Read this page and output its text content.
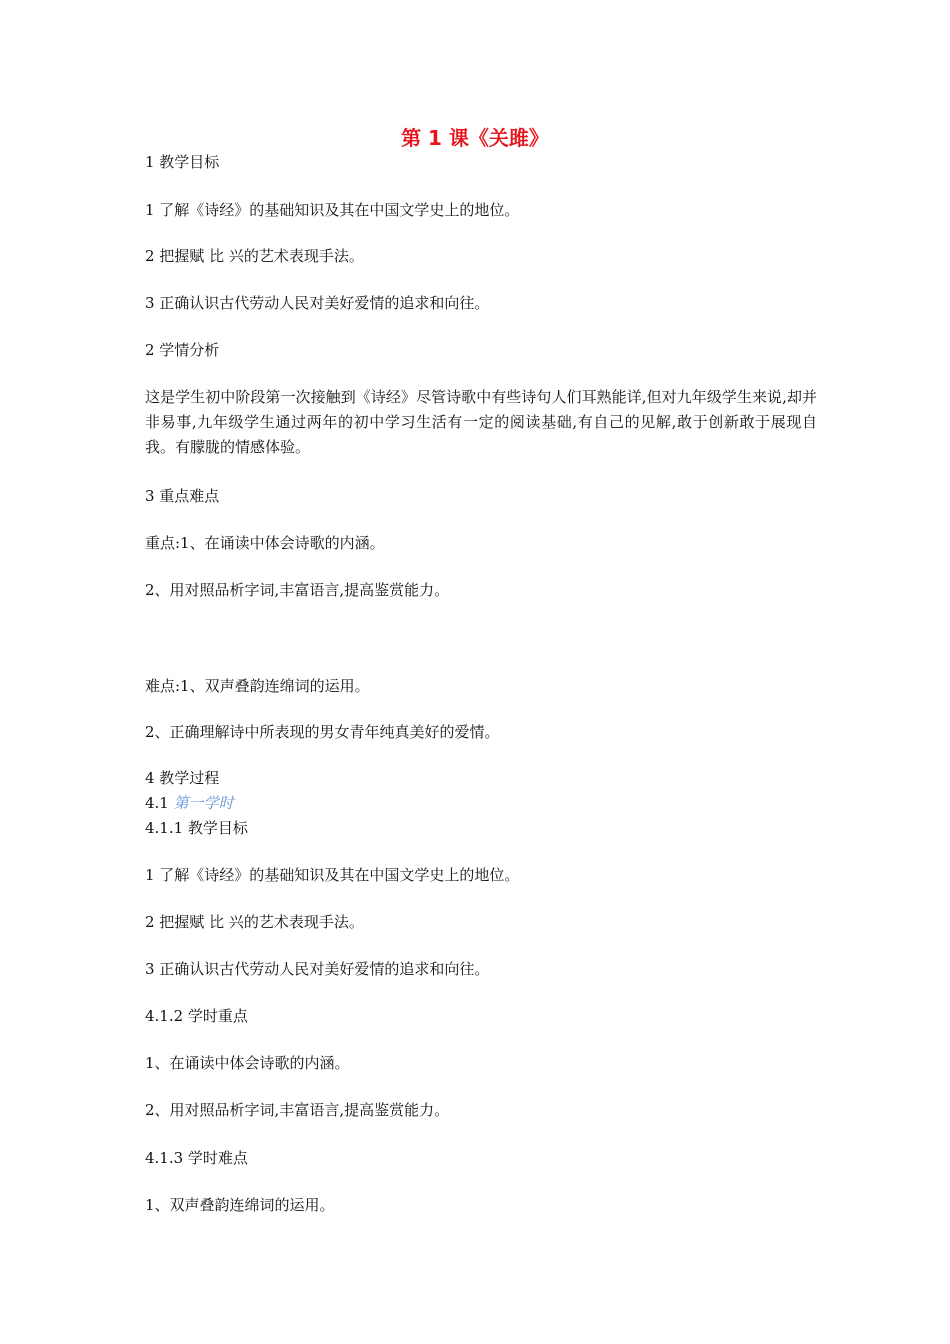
第 1 课《关雎》

1 教学目标

1 了解《诗经》的基础知识及其在中国文学史上的地位。

2 把握赋 比 兴的艺术表现手法。

3 正确认识古代劳动人民对美好爱情的追求和向往。

2 学情分析

这是学生初中阶段第一次接触到《诗经》尽管诗歌中有些诗句人们耳熟能详,但对九年级学生来说,却并非易事,九年级学生通过两年的初中学习生活有一定的阅读基础,有自己的见解,敢于创新敢于展现自我。有朦胧的情感体验。

3 重点难点

重点:1、在诵读中体会诗歌的内涵。

2、用对照品析字词,丰富语言,提高鉴赏能力。

难点:1、双声叠韵连绵词的运用。

2、正确理解诗中所表现的男女青年纯真美好的爱情。

4 教学过程

4.1 第一学时

4.1.1 教学目标

1 了解《诗经》的基础知识及其在中国文学史上的地位。

2 把握赋 比 兴的艺术表现手法。

3 正确认识古代劳动人民对美好爱情的追求和向往。

4.1.2 学时重点

1、在诵读中体会诗歌的内涵。

2、用对照品析字词,丰富语言,提高鉴赏能力。

4.1.3 学时难点

1、双声叠韵连绵词的运用。
